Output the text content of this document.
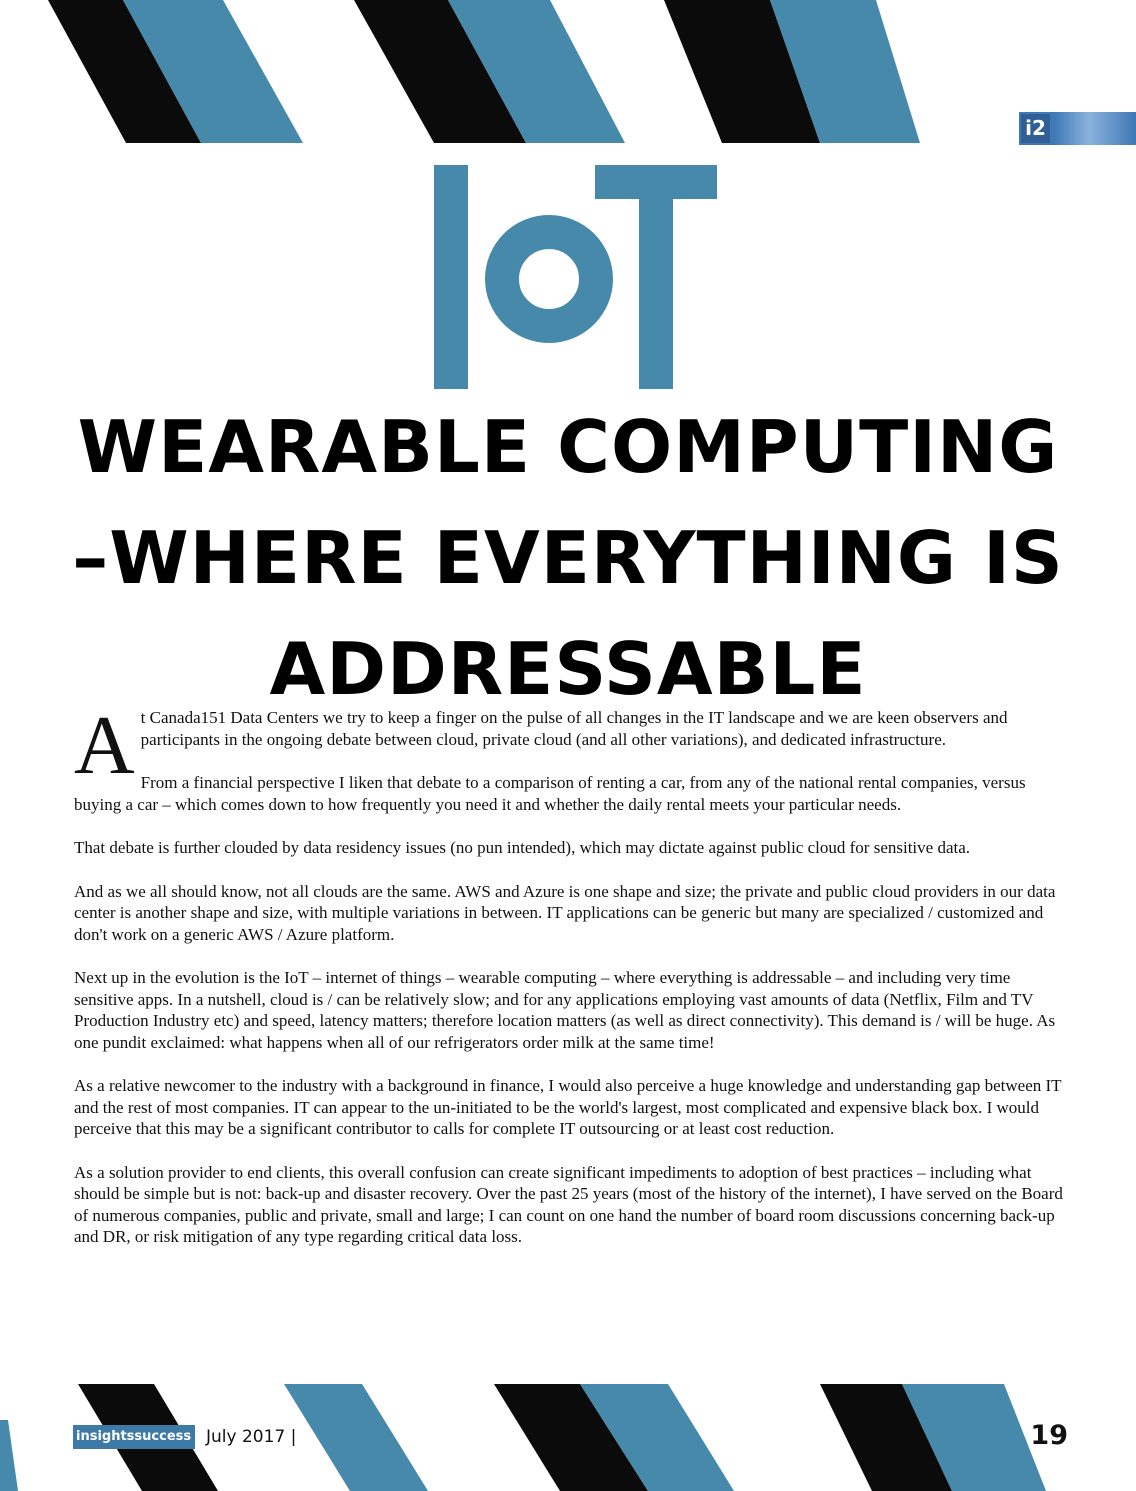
i2
WEARABLE COMPUTING
–WHERE EVERYTHING IS
ADDRESSABLE

A t Canada151 Data Centers we try to keep a finger on the pulse of all changes in the IT landscape and we are keen observers and participants in the ongoing debate between cloud, private cloud (and all other variations), and dedicated infrastructure.

From a financial perspective I liken that debate to a comparison of renting a car, from any of the national rental companies, versus buying a car – which comes down to how frequently you need it and whether the daily rental meets your particular needs.

That debate is further clouded by data residency issues (no pun intended), which may dictate against public cloud for sensitive data.

And as we all should know, not all clouds are the same. AWS and Azure is one shape and size; the private and public cloud providers in our data center is another shape and size, with multiple variations in between. IT applications can be generic but many are specialized / customized and don't work on a generic AWS / Azure platform.

Next up in the evolution is the IoT – internet of things – wearable computing – where everything is addressable – and including very time sensitive apps. In a nutshell, cloud is / can be relatively slow; and for any applications employing vast amounts of data (Netflix, Film and TV Production Industry etc) and speed, latency matters; therefore location matters (as well as direct connectivity). This demand is / will be huge. As one pundit exclaimed: what happens when all of our refrigerators order milk at the same time!

As a relative newcomer to the industry with a background in finance, I would also perceive a huge knowledge and understanding gap between IT and the rest of most companies. IT can appear to the un-initiated to be the world's largest, most complicated and expensive black box. I would perceive that this may be a significant contributor to calls for complete IT outsourcing or at least cost reduction.

As a solution provider to end clients, this overall confusion can create significant impediments to adoption of best practices – including what should be simple but is not: back-up and disaster recovery. Over the past 25 years (most of the history of the internet), I have served on the Board of numerous companies, public and private, small and large; I can count on one hand the number of board room discussions concerning back-up and DR, or risk mitigation of any type regarding critical data loss.

insightssuccess July 2017 |	19
